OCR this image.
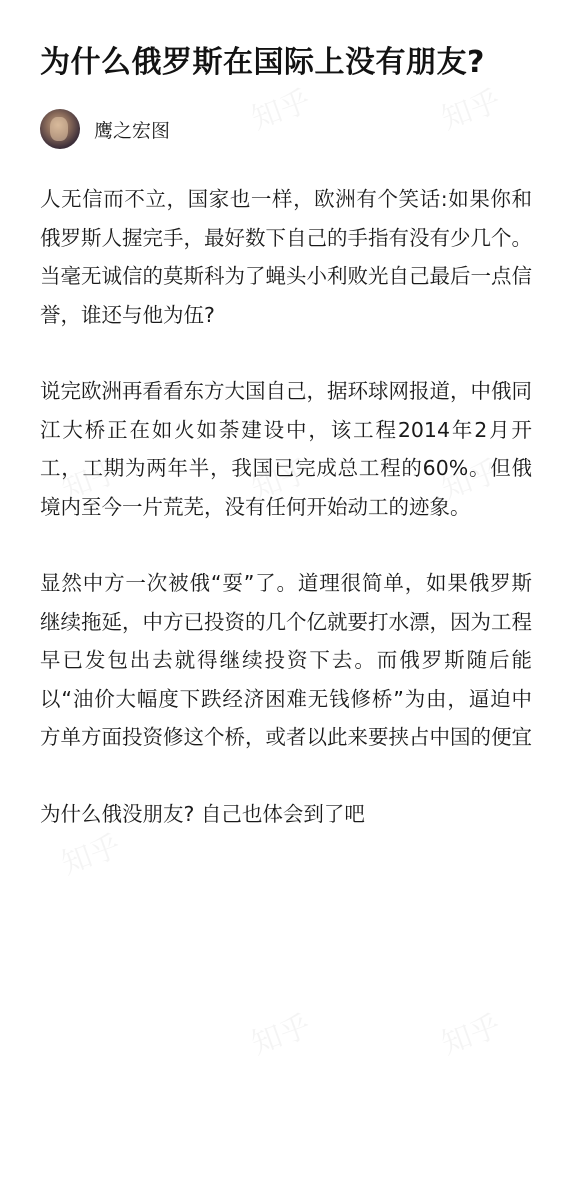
为什么俄罗斯在国际上没有朋友?
鹰之宏图

人无信而不立，国家也一样，欧洲有个笑话:如果你和俄罗斯人握完手，最好数下自己的手指有没有少几个。当毫无诚信的莫斯科为了蝇头小利败光自己最后一点信誉，谁还与他为伍?

说完欧洲再看看东方大国自己，据环球网报道，中俄同江大桥正在如火如荼建设中，该工程2014年2月开工，工期为两年半，我国已完成总工程的60%。但俄境内至今一片荒芜，没有任何开始动工的迹象。

显然中方一次被俄“耍”了。道理很简单，如果俄罗斯继续拖延，中方已投资的几个亿就要打水漂，因为工程早已发包出去就得继续投资下去。而俄罗斯随后能以“油价大幅度下跌经济困难无钱修桥”为由，逼迫中方单方面投资修这个桥，或者以此来要挟占中国的便宜

为什么俄没朋友? 自己也体会到了吧
